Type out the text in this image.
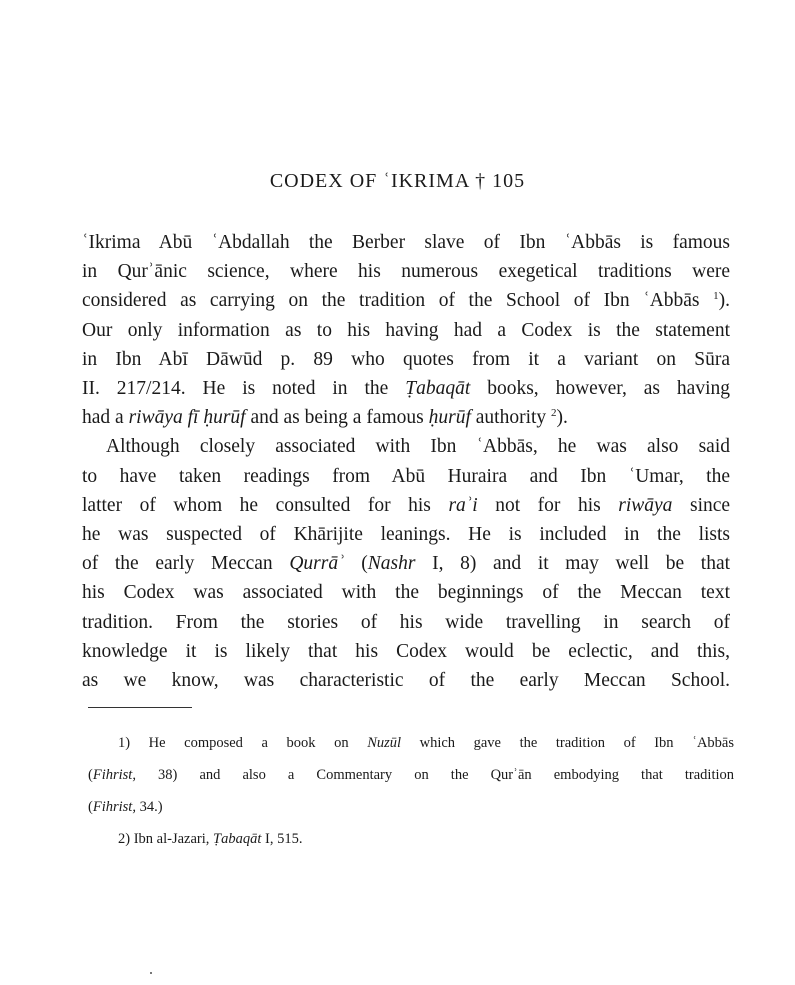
CODEX OF ʿIKRIMA † 105
ʿIkrima Abū ʿAbdallah the Berber slave of Ibn ʿAbbās is famous
in Qurʾānic science, where his numerous exegetical traditions were
considered as carrying on the tradition of the School of Ibn ʿAbbās $^1$).
Our only information as to his having had a Codex is the statement
in Ibn Abī Dāwūd p. 89 who quotes from it a variant on Sūra
II. 217/214. He is noted in the Ṭabaqāt books, however, as having
had a riwāya fī ḥurūf and as being a famous ḥurūf authority $^2$).
Although closely associated with Ibn ʿAbbās, he was also said
to have taken readings from Abū Huraira and Ibn ʿUmar, the
latter of whom he consulted for his raʾi not for his riwāya since
he was suspected of Khārijite leanings. He is included in the lists
of the early Meccan Qurrāʾ (Nashr I, 8) and it may well be that
his Codex was associated with the beginnings of the Meccan text
tradition. From the stories of his wide travelling in search of
knowledge it is likely that his Codex would be eclectic, and this,
as we know, was characteristic of the early Meccan School.
1) He composed a book on Nuzūl which gave the tradition of Ibn ʿAbbās
(Fihrist, 38) and also a Commentary on the Qurʾān embodying that tradition
(Fihrist, 34.)
2) Ibn al-Jazari, Ṭabaqāt I, 515.
